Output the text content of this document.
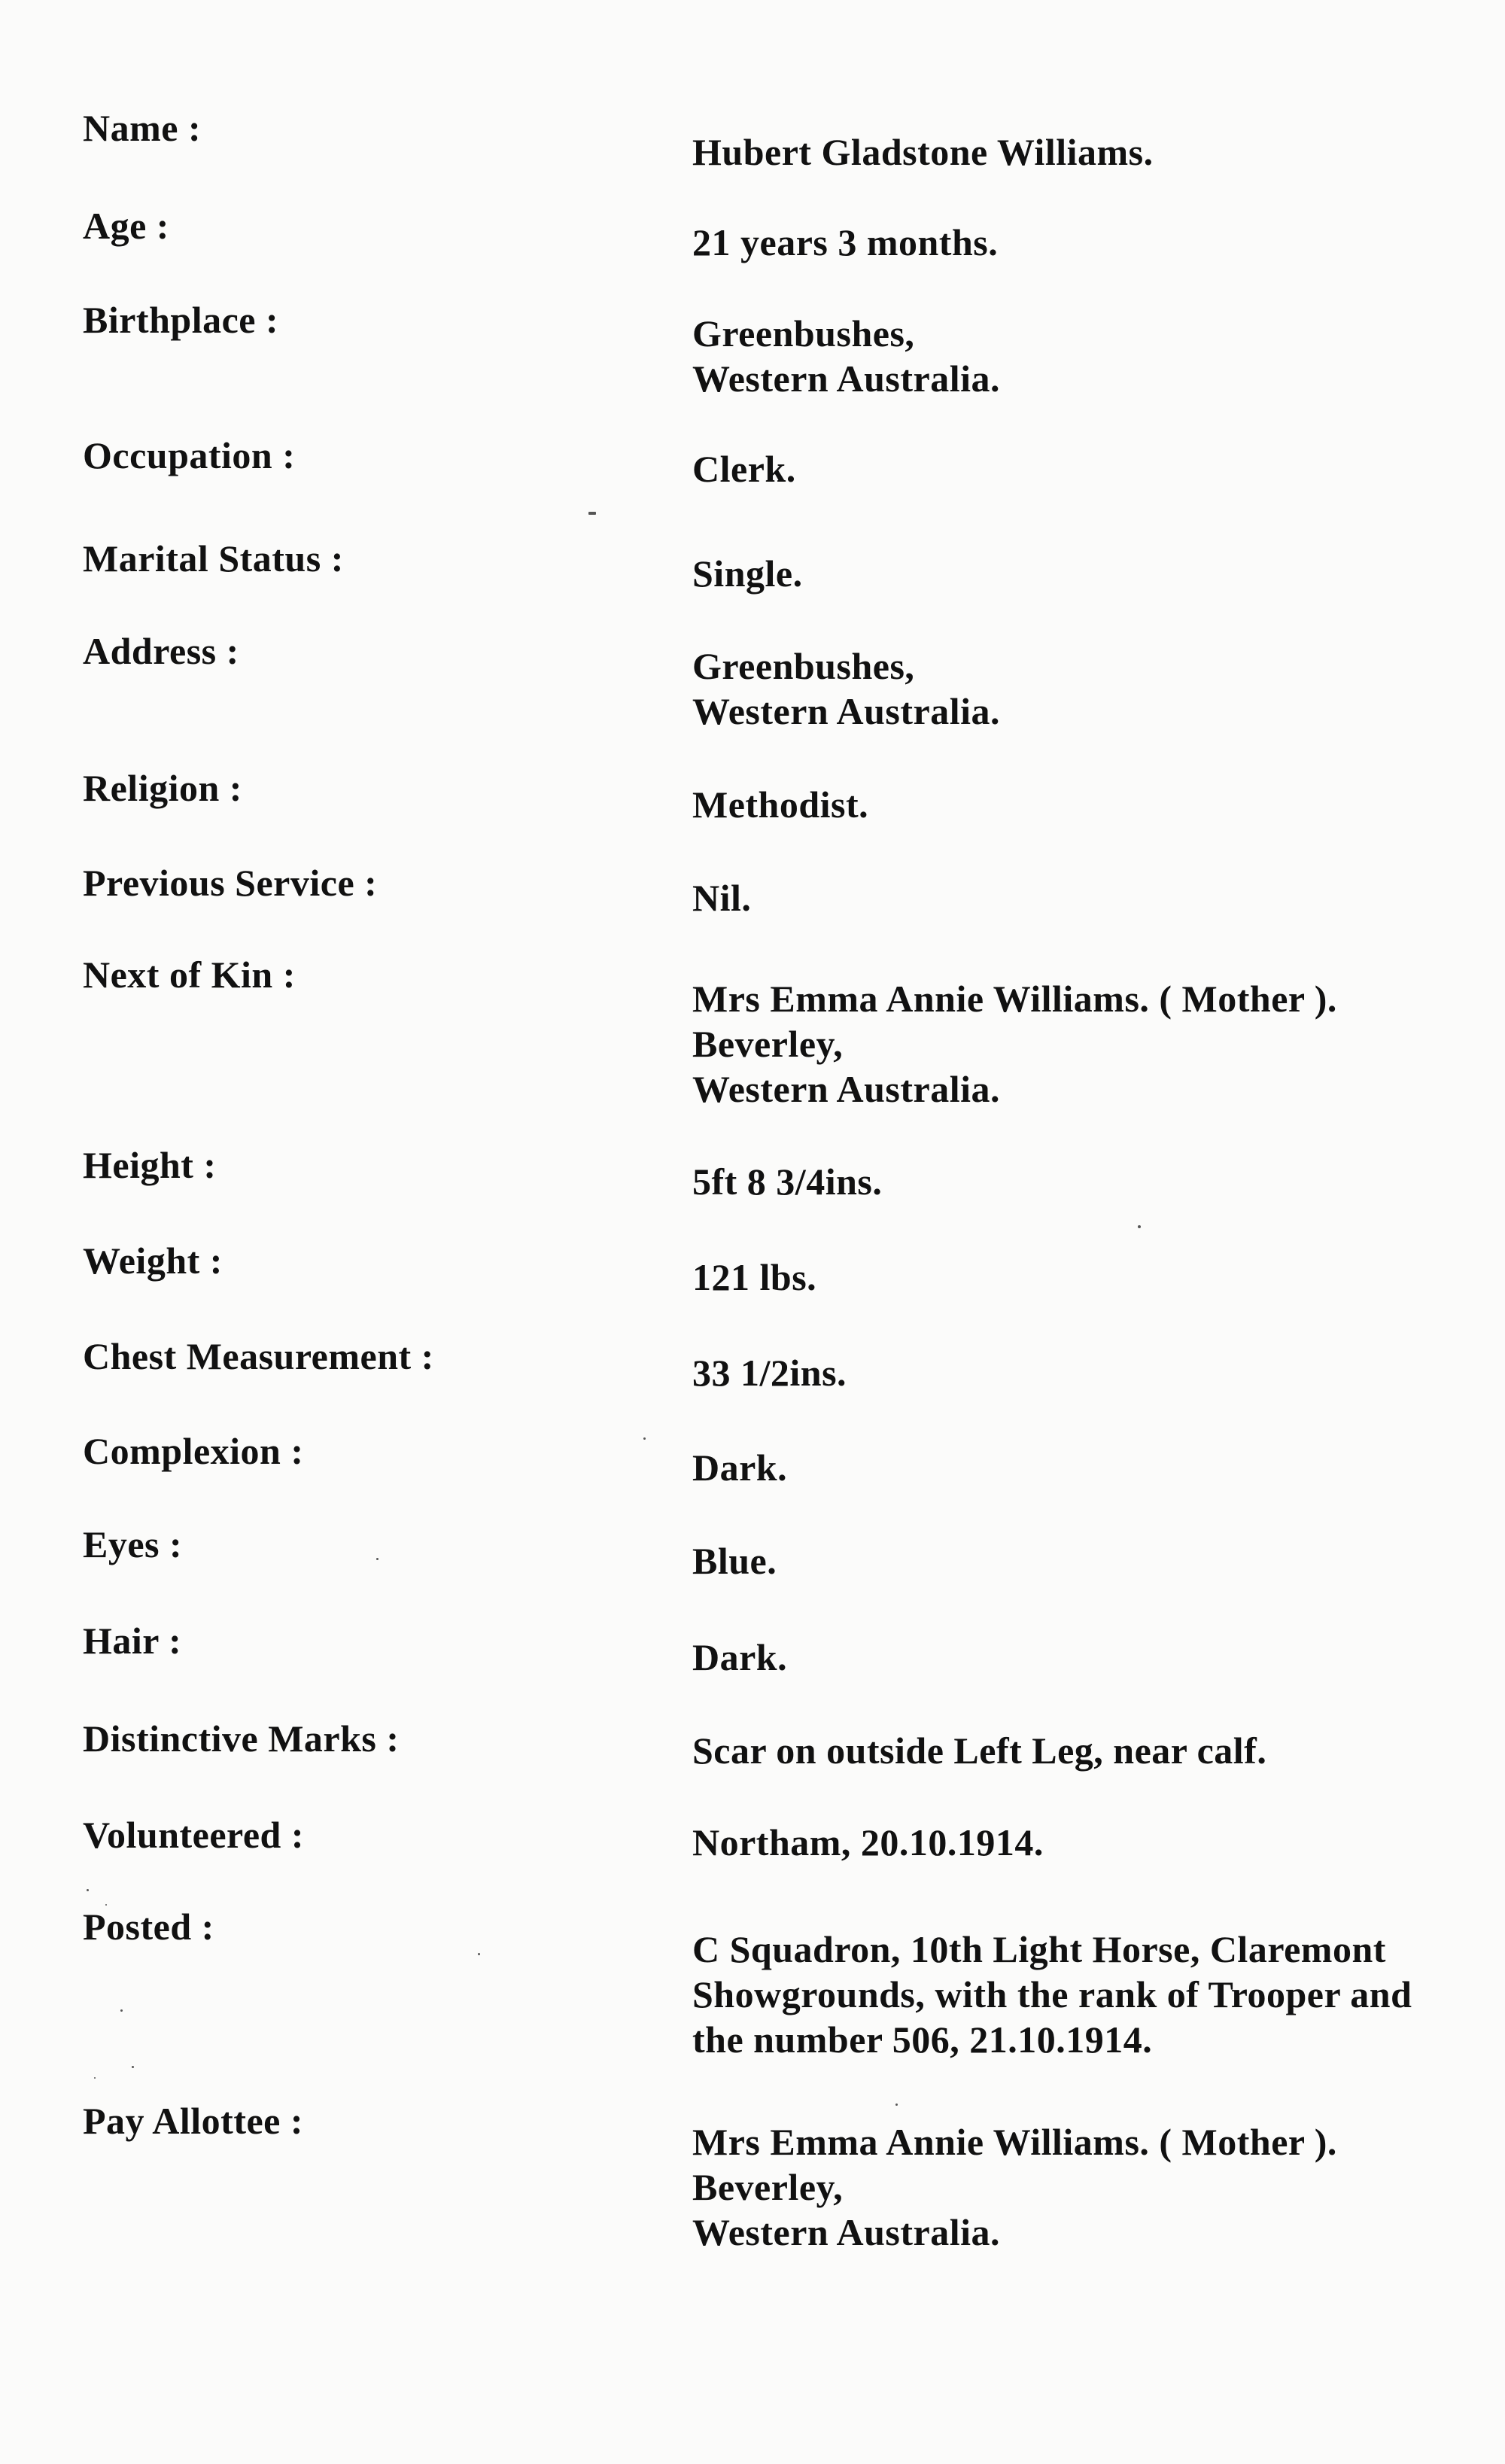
Name :
Hubert Gladstone Williams.
Age :	21 years 3 months.
Birthplace :	Greenbushes,
Western Australia.
Occupation :	Clerk.
Marital Status :	Single.
Address :	Greenbushes,
Western Australia.
Religion :	Methodist.
Previous Service :	Nil.
Next of Kin :
Mrs Emma Annie Williams. ( Mother ).
Beverley,
Western Australia.
Height :	5ft 8 3/4ins.
Weight :	121 lbs.
Chest Measurement :	33 1/2ins.
Complexion :	Dark.
Eyes :	Blue.
Hair :	Dark.
Distinctive Marks :	Scar on outside Left Leg, near calf.
Volunteered :	Northam, 20.10.1914.
Posted :
C Squadron, 10th Light Horse, Claremont
Showgrounds, with the rank of Trooper and
the number 506, 21.10.1914.
Pay Allottee :	Mrs Emma Annie Williams. ( Mother ).
Beverley,
Western Australia.
